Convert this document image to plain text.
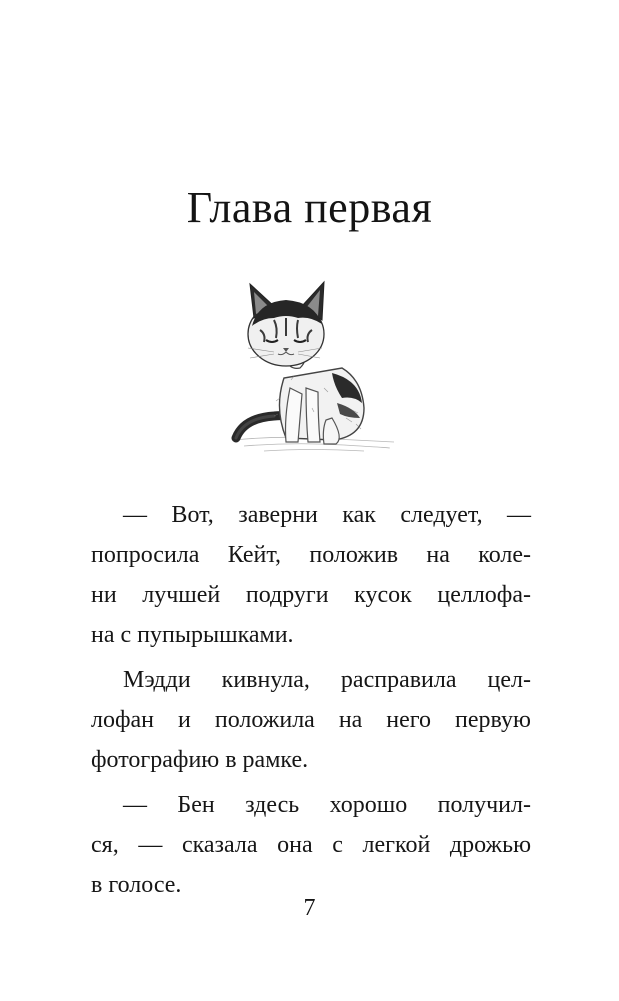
Глава первая
— Вот, заверни как следует, —
попросила Кейт, положив на коле-
ни лучшей подруги кусок целлофа-
на с пупырышками.
Мэдди кивнула, расправила цел-
лофан и положила на него первую
фотографию в рамке.
— Бен здесь хорошо получил-
ся, — сказала она с легкой дрожью
в голосе.
7
